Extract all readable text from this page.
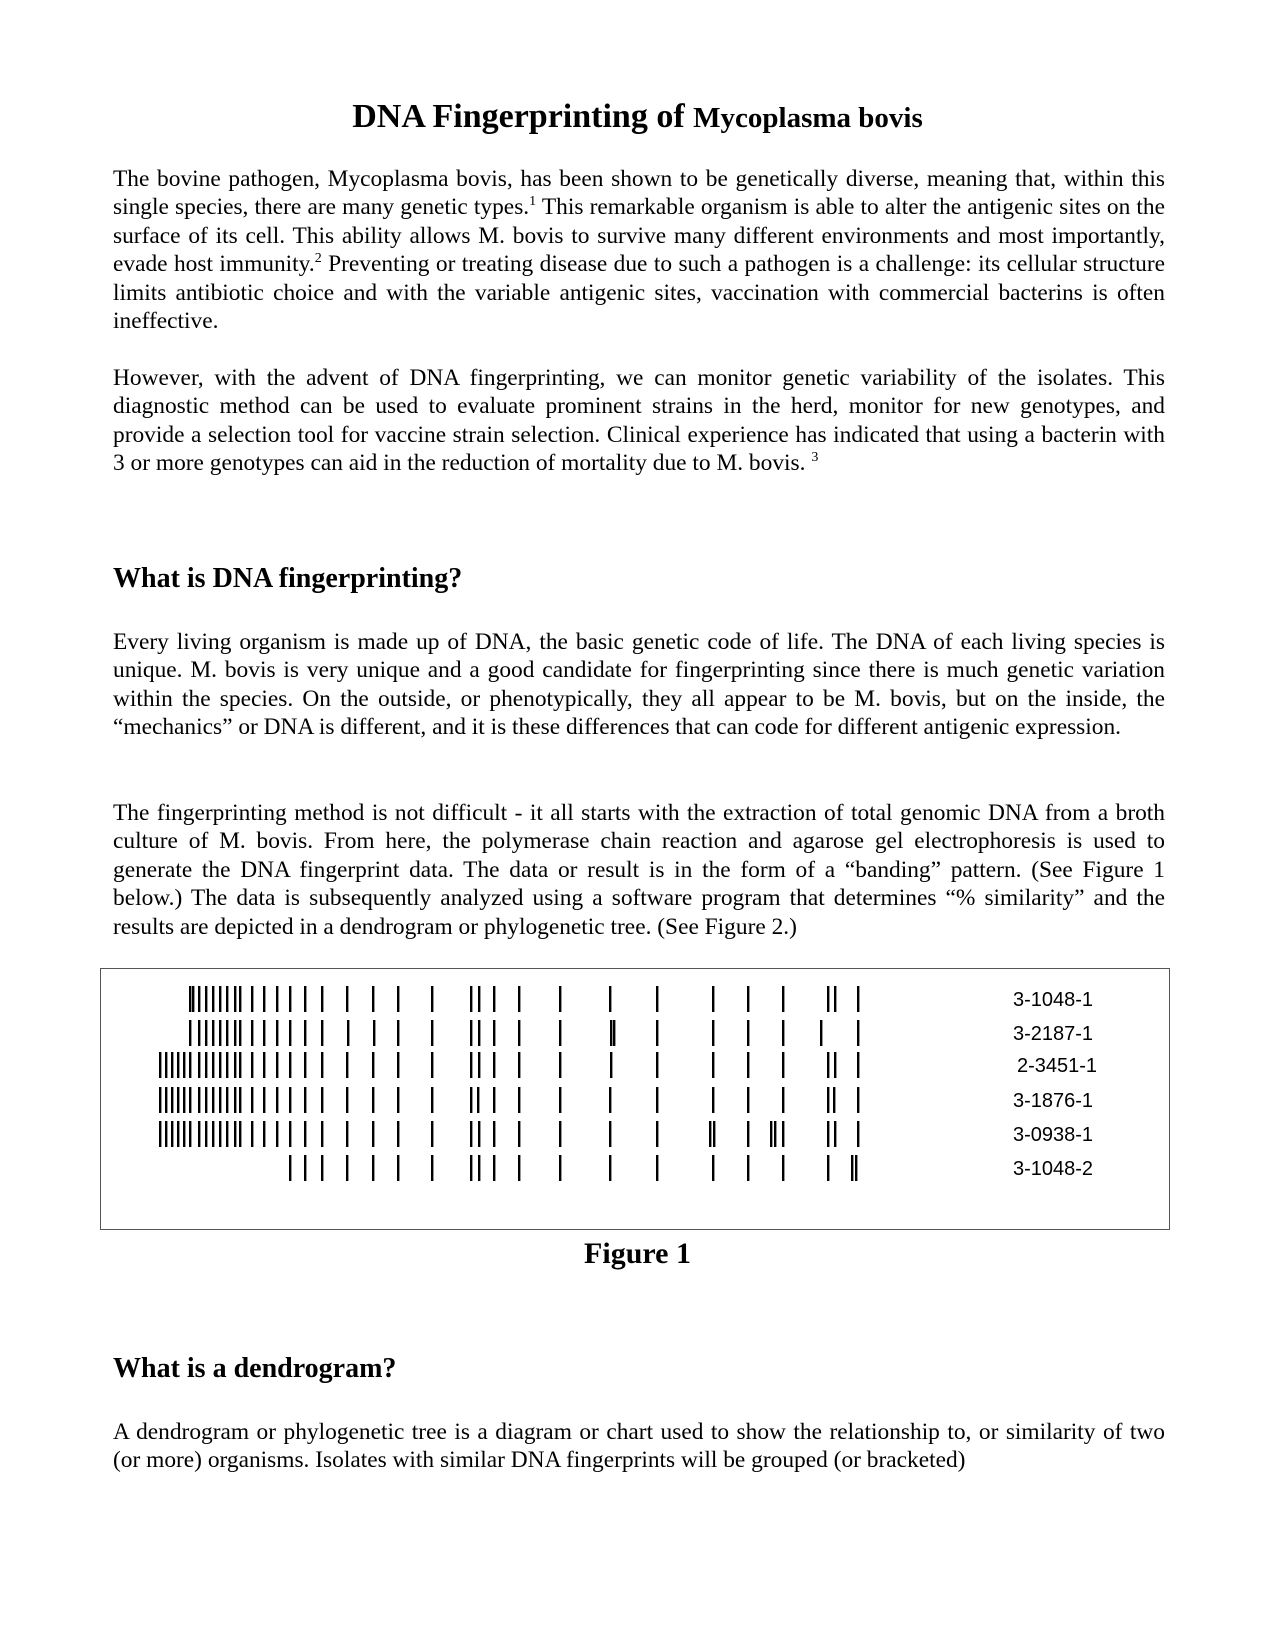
DNA Fingerprinting of Mycoplasma bovis

The bovine pathogen, Mycoplasma bovis, has been shown to be genetically diverse, meaning that, within this single species, there are many genetic types.$^1$ This remarkable organism is able to alter the antigenic sites on the surface of its cell. This ability allows M. bovis to survive many different environments and most importantly, evade host immunity.$^2$ Preventing or treating disease due to such a pathogen is a challenge: its cellular structure limits antibiotic choice and with the variable antigenic sites, vaccination with commercial bacterins is often ineffective.

However, with the advent of DNA fingerprinting, we can monitor genetic variability of the isolates. This diagnostic method can be used to evaluate prominent strains in the herd, monitor for new genotypes, and provide a selection tool for vaccine strain selection. Clinical experience has indicated that using a bacterin with 3 or more genotypes can aid in the reduction of mortality due to M. bovis. $^3$

What is DNA fingerprinting?

Every living organism is made up of DNA, the basic genetic code of life. The DNA of each living species is unique. M. bovis is very unique and a good candidate for fingerprinting since there is much genetic variation within the species. On the outside, or phenotypically, they all appear to be M. bovis, but on the inside, the “mechanics” or DNA is different, and it is these differences that can code for different antigenic expression.

The fingerprinting method is not difficult - it all starts with the extraction of total genomic DNA from a broth culture of M. bovis. From here, the polymerase chain reaction and agarose gel electrophoresis is used to generate the DNA fingerprint data. The data or result is in the form of a “banding” pattern. (See Figure 1 below.) The data is subsequently analyzed using a software program that determines “% similarity” and the results are depicted in a dendrogram or phylogenetic tree. (See Figure 2.)

3-1048-1
3-2187-1
2-3451-1
3-1876-1
3-0938-1
3-1048-2
Figure 1
What is a dendrogram?

A dendrogram or phylogenetic tree is a diagram or chart used to show the relationship to, or similarity of two (or more) organisms. Isolates with similar DNA fingerprints will be grouped (or bracketed)
